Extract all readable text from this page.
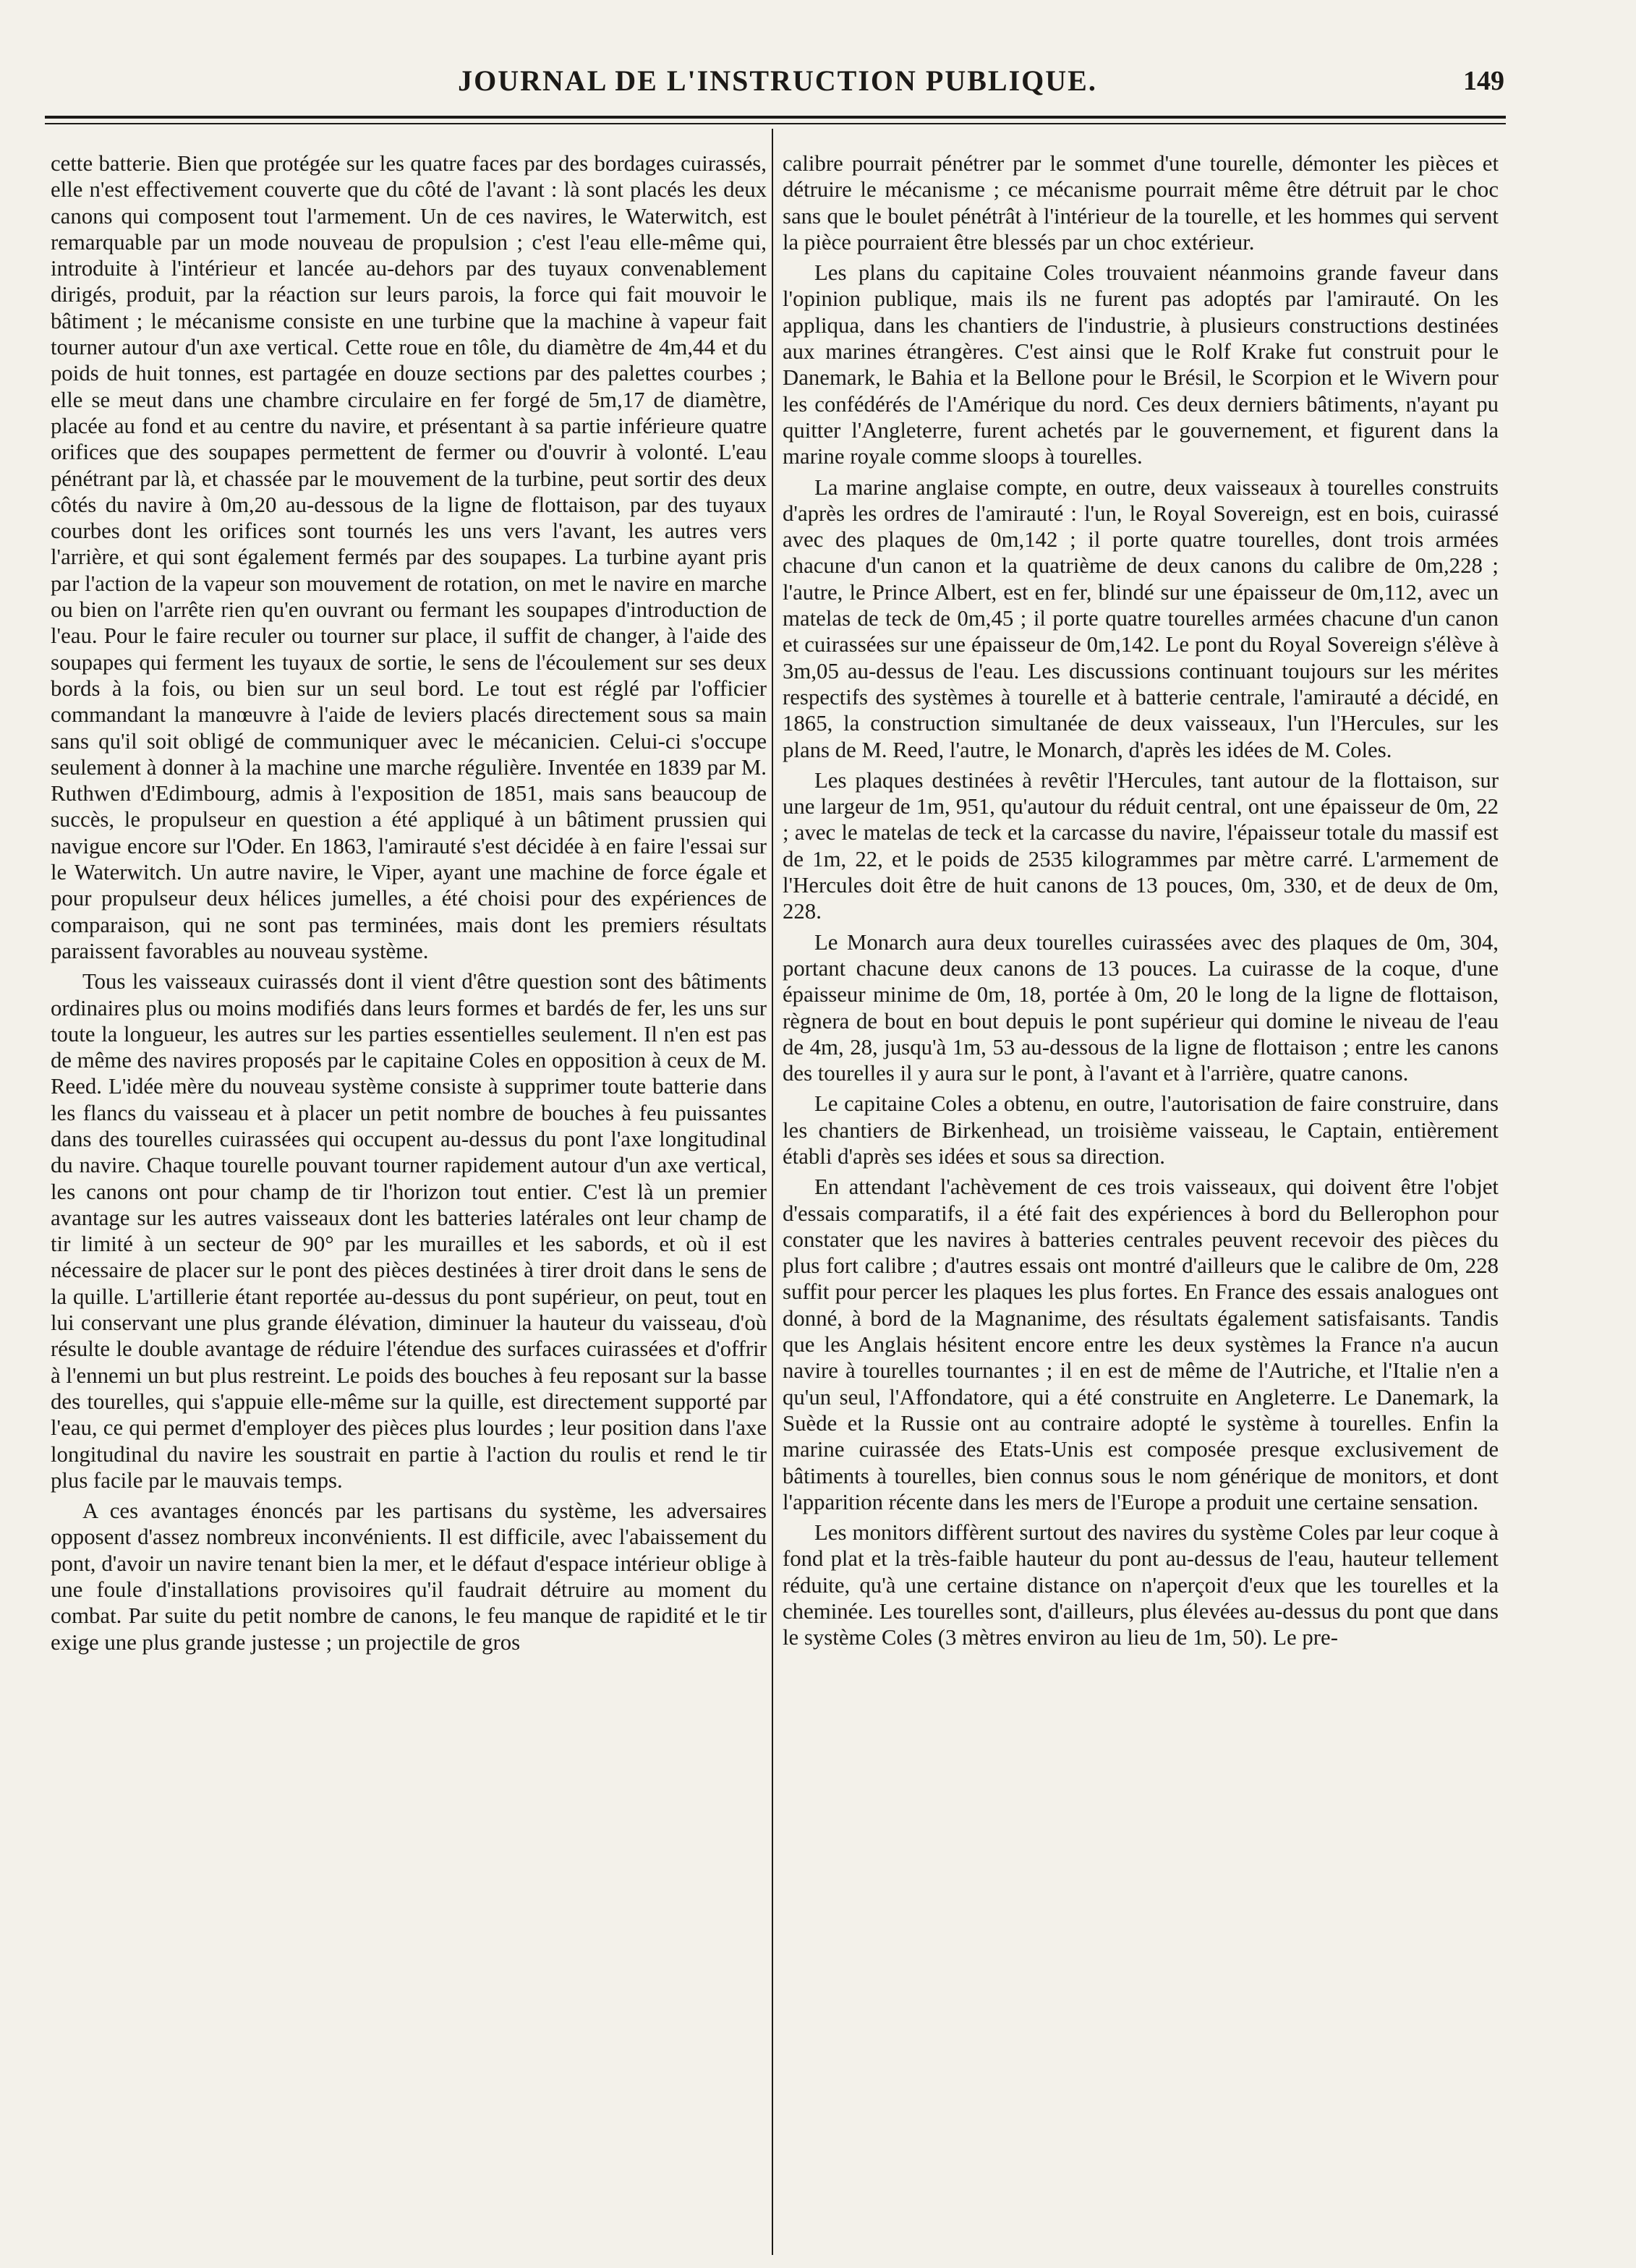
JOURNAL DE L'INSTRUCTION PUBLIQUE.	149

cette batterie. Bien que protégée sur les quatre faces par des bordages cuirassés, elle n'est effectivement couverte que du côté de l'avant : là sont placés les deux canons qui composent tout l'armement. Un de ces navires, le Waterwitch, est remarquable par un mode nouveau de propulsion ; c'est l'eau elle-même qui, introduite à l'intérieur et lancée au-dehors par des tuyaux convenablement dirigés, produit, par la réaction sur leurs parois, la force qui fait mouvoir le bâtiment ; le mécanisme consiste en une turbine que la machine à vapeur fait tourner autour d'un axe vertical. Cette roue en tôle, du diamètre de 4m,44 et du poids de huit tonnes, est partagée en douze sections par des palettes courbes ; elle se meut dans une chambre circulaire en fer forgé de 5m,17 de diamètre, placée au fond et au centre du navire, et présentant à sa partie inférieure quatre orifices que des soupapes permettent de fermer ou d'ouvrir à volonté. L'eau pénétrant par là, et chassée par le mouvement de la turbine, peut sortir des deux côtés du navire à 0m,20 au-dessous de la ligne de flottaison, par des tuyaux courbes dont les orifices sont tournés les uns vers l'avant, les autres vers l'arrière, et qui sont également fermés par des soupapes. La turbine ayant pris par l'action de la vapeur son mouvement de rotation, on met le navire en marche ou bien on l'arrête rien qu'en ouvrant ou fermant les soupapes d'introduction de l'eau. Pour le faire reculer ou tourner sur place, il suffit de changer, à l'aide des soupapes qui ferment les tuyaux de sortie, le sens de l'écoulement sur ses deux bords à la fois, ou bien sur un seul bord. Le tout est réglé par l'officier commandant la manœuvre à l'aide de leviers placés directement sous sa main sans qu'il soit obligé de communiquer avec le mécanicien. Celui-ci s'occupe seulement à donner à la machine une marche régulière. Inventée en 1839 par M. Ruthwen d'Edimbourg, admis à l'exposition de 1851, mais sans beaucoup de succès, le propulseur en question a été appliqué à un bâtiment prussien qui navigue encore sur l'Oder. En 1863, l'amirauté s'est décidée à en faire l'essai sur le Waterwitch. Un autre navire, le Viper, ayant une machine de force égale et pour propulseur deux hélices jumelles, a été choisi pour des expériences de comparaison, qui ne sont pas terminées, mais dont les premiers résultats paraissent favorables au nouveau système.

Tous les vaisseaux cuirassés dont il vient d'être question sont des bâtiments ordinaires plus ou moins modifiés dans leurs formes et bardés de fer, les uns sur toute la longueur, les autres sur les parties essentielles seulement. Il n'en est pas de même des navires proposés par le capitaine Coles en opposition à ceux de M. Reed. L'idée mère du nouveau système consiste à supprimer toute batterie dans les flancs du vaisseau et à placer un petit nombre de bouches à feu puissantes dans des tourelles cuirassées qui occupent au-dessus du pont l'axe longitudinal du navire. Chaque tourelle pouvant tourner rapidement autour d'un axe vertical, les canons ont pour champ de tir l'horizon tout entier. C'est là un premier avantage sur les autres vaisseaux dont les batteries latérales ont leur champ de tir limité à un secteur de 90° par les murailles et les sabords, et où il est nécessaire de placer sur le pont des pièces destinées à tirer droit dans le sens de la quille. L'artillerie étant reportée au-dessus du pont supérieur, on peut, tout en lui conservant une plus grande élévation, diminuer la hauteur du vaisseau, d'où résulte le double avantage de réduire l'étendue des surfaces cuirassées et d'offrir à l'ennemi un but plus restreint. Le poids des bouches à feu reposant sur la basse des tourelles, qui s'appuie elle-même sur la quille, est directement supporté par l'eau, ce qui permet d'employer des pièces plus lourdes ; leur position dans l'axe longitudinal du navire les soustrait en partie à l'action du roulis et rend le tir plus facile par le mauvais temps.

A ces avantages énoncés par les partisans du système, les adversaires opposent d'assez nombreux inconvénients. Il est difficile, avec l'abaissement du pont, d'avoir un navire tenant bien la mer, et le défaut d'espace intérieur oblige à une foule d'installations provisoires qu'il faudrait détruire au moment du combat. Par suite du petit nombre de canons, le feu manque de rapidité et le tir exige une plus grande justesse ; un projectile de gros

calibre pourrait pénétrer par le sommet d'une tourelle, démonter les pièces et détruire le mécanisme ; ce mécanisme pourrait même être détruit par le choc sans que le boulet pénétrât à l'intérieur de la tourelle, et les hommes qui servent la pièce pourraient être blessés par un choc extérieur.

Les plans du capitaine Coles trouvaient néanmoins grande faveur dans l'opinion publique, mais ils ne furent pas adoptés par l'amirauté. On les appliqua, dans les chantiers de l'industrie, à plusieurs constructions destinées aux marines étrangères. C'est ainsi que le Rolf Krake fut construit pour le Danemark, le Bahia et la Bellone pour le Brésil, le Scorpion et le Wivern pour les confédérés de l'Amérique du nord. Ces deux derniers bâtiments, n'ayant pu quitter l'Angleterre, furent achetés par le gouvernement, et figurent dans la marine royale comme sloops à tourelles.

La marine anglaise compte, en outre, deux vaisseaux à tourelles construits d'après les ordres de l'amirauté : l'un, le Royal Sovereign, est en bois, cuirassé avec des plaques de 0m,142 ; il porte quatre tourelles, dont trois armées chacune d'un canon et la quatrième de deux canons du calibre de 0m,228 ; l'autre, le Prince Albert, est en fer, blindé sur une épaisseur de 0m,112, avec un matelas de teck de 0m,45 ; il porte quatre tourelles armées chacune d'un canon et cuirassées sur une épaisseur de 0m,142. Le pont du Royal Sovereign s'élève à 3m,05 au-dessus de l'eau. Les discussions continuant toujours sur les mérites respectifs des systèmes à tourelle et à batterie centrale, l'amirauté a décidé, en 1865, la construction simultanée de deux vaisseaux, l'un l'Hercules, sur les plans de M. Reed, l'autre, le Monarch, d'après les idées de M. Coles.

Les plaques destinées à revêtir l'Hercules, tant autour de la flottaison, sur une largeur de 1m, 951, qu'autour du réduit central, ont une épaisseur de 0m, 22 ; avec le matelas de teck et la carcasse du navire, l'épaisseur totale du massif est de 1m, 22, et le poids de 2535 kilogrammes par mètre carré. L'armement de l'Hercules doit être de huit canons de 13 pouces, 0m, 330, et de deux de 0m, 228.

Le Monarch aura deux tourelles cuirassées avec des plaques de 0m, 304, portant chacune deux canons de 13 pouces. La cuirasse de la coque, d'une épaisseur minime de 0m, 18, portée à 0m, 20 le long de la ligne de flottaison, règnera de bout en bout depuis le pont supérieur qui domine le niveau de l'eau de 4m, 28, jusqu'à 1m, 53 au-dessous de la ligne de flottaison ; entre les canons des tourelles il y aura sur le pont, à l'avant et à l'arrière, quatre canons.

Le capitaine Coles a obtenu, en outre, l'autorisation de faire construire, dans les chantiers de Birkenhead, un troisième vaisseau, le Captain, entièrement établi d'après ses idées et sous sa direction.

En attendant l'achèvement de ces trois vaisseaux, qui doivent être l'objet d'essais comparatifs, il a été fait des expériences à bord du Bellerophon pour constater que les navires à batteries centrales peuvent recevoir des pièces du plus fort calibre ; d'autres essais ont montré d'ailleurs que le calibre de 0m, 228 suffit pour percer les plaques les plus fortes. En France des essais analogues ont donné, à bord de la Magnanime, des résultats également satisfaisants. Tandis que les Anglais hésitent encore entre les deux systèmes la France n'a aucun navire à tourelles tournantes ; il en est de même de l'Autriche, et l'Italie n'en a qu'un seul, l'Affondatore, qui a été construite en Angleterre. Le Danemark, la Suède et la Russie ont au contraire adopté le système à tourelles. Enfin la marine cuirassée des Etats-Unis est composée presque exclusivement de bâtiments à tourelles, bien connus sous le nom générique de monitors, et dont l'apparition récente dans les mers de l'Europe a produit une certaine sensation.

Les monitors diffèrent surtout des navires du système Coles par leur coque à fond plat et la très-faible hauteur du pont au-dessus de l'eau, hauteur tellement réduite, qu'à une certaine distance on n'aperçoit d'eux que les tourelles et la cheminée. Les tourelles sont, d'ailleurs, plus élevées au-dessus du pont que dans le système Coles (3 mètres environ au lieu de 1m, 50). Le pre-
